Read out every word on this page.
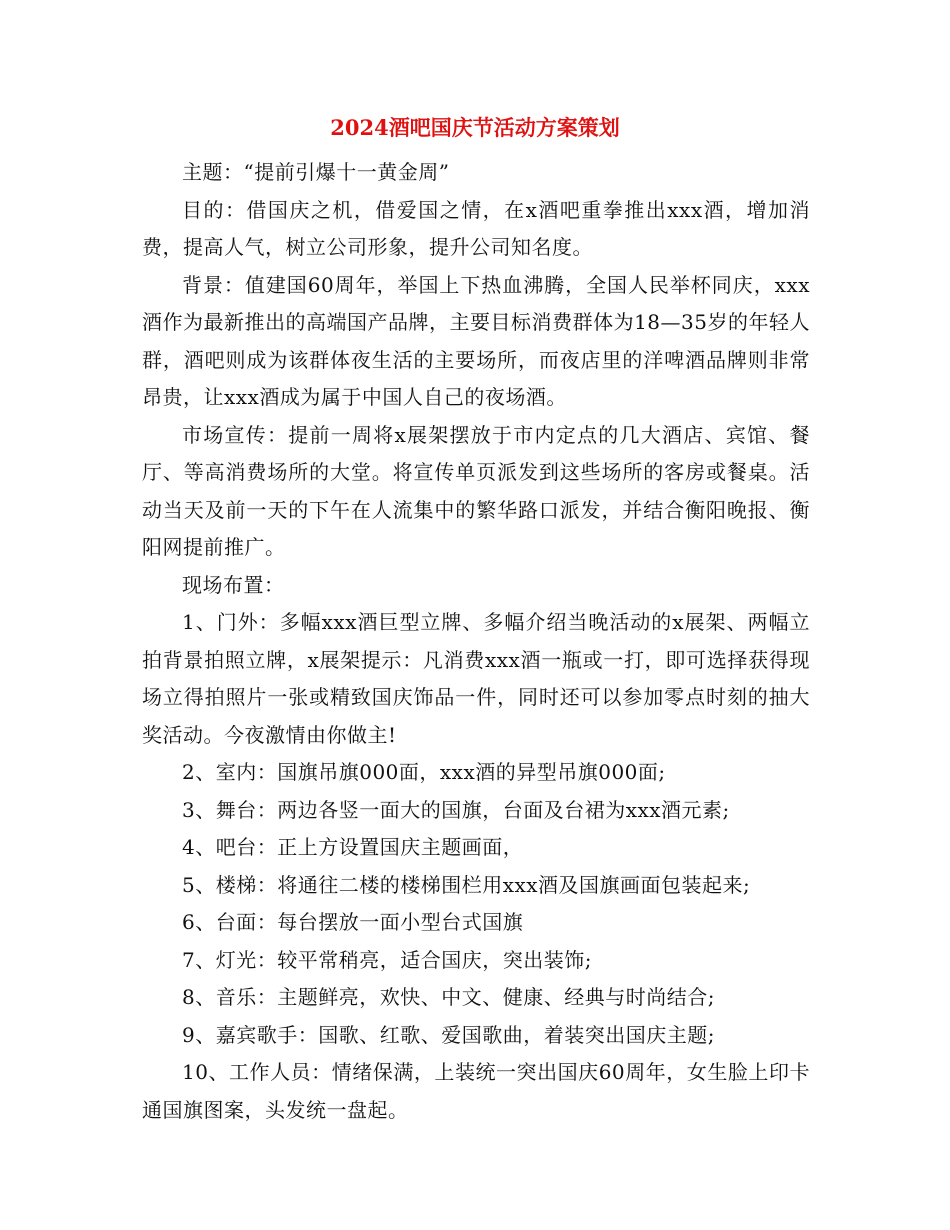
2024酒吧国庆节活动方案策划

主题：“提前引爆十一黄金周”

目的：借国庆之机，借爱国之情，在x酒吧重拳推出xxx酒，增加消费，提高人气，树立公司形象，提升公司知名度。

背景：值建国60周年，举国上下热血沸腾，全国人民举杯同庆，xxx酒作为最新推出的高端国产品牌，主要目标消费群体为18—35岁的年轻人群，酒吧则成为该群体夜生活的主要场所，而夜店里的洋啤酒品牌则非常昂贵，让xxx酒成为属于中国人自己的夜场酒。

市场宣传：提前一周将x展架摆放于市内定点的几大酒店、宾馆、餐厅、等高消费场所的大堂。将宣传单页派发到这些场所的客房或餐桌。活动当天及前一天的下午在人流集中的繁华路口派发，并结合衡阳晚报、衡阳网提前推广。

现场布置：

1、门外：多幅xxx酒巨型立牌、多幅介绍当晚活动的x展架、两幅立拍背景拍照立牌，x展架提示：凡消费xxx酒一瓶或一打，即可选择获得现场立得拍照片一张或精致国庆饰品一件，同时还可以参加零点时刻的抽大奖活动。今夜激情由你做主!

2、室内：国旗吊旗000面，xxx酒的异型吊旗000面;

3、舞台：两边各竖一面大的国旗，台面及台裙为xxx酒元素;

4、吧台：正上方设置国庆主题画面，

5、楼梯：将通往二楼的楼梯围栏用xxx酒及国旗画面包装起来;

6、台面：每台摆放一面小型台式国旗

7、灯光：较平常稍亮，适合国庆，突出装饰;

8、音乐：主题鲜亮，欢快、中文、健康、经典与时尚结合;

9、嘉宾歌手：国歌、红歌、爱国歌曲，着装突出国庆主题;

10、工作人员：情绪保满，上装统一突出国庆60周年，女生脸上印卡通国旗图案，头发统一盘起。
